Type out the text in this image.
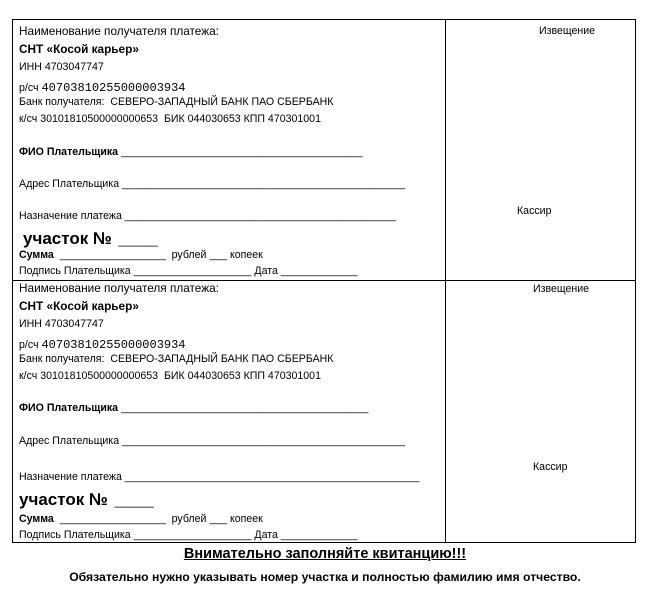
Наименование получателя платежа:
СНТ «Косой карьер»
ИНН 4703047747
р/сч 40703810255000003934
Банк получателя:  СЕВЕРО-ЗАПАДНЫЙ БАНК ПАО СБЕРБАНК
к/сч 30101810500000000653  БИК 044030653 КПП 470301001
ФИО Плательщика _________________________________________
Адрес Плательщика ________________________________________________
Назначение платежа ______________________________________________
участок №  ______
Сумма  __________________  рублей ___ копеек
Подпись Плательщика ____________________ Дата _____________
Извещение
Кассир
Наименование получателя платежа:
СНТ «Косой карьер»
ИНН 4703047747
р/сч 40703810255000003934
Банк получателя:  СЕВЕРО-ЗАПАДНЫЙ БАНК ПАО СБЕРБАНК
к/сч 30101810500000000653  БИК 044030653 КПП 470301001
ФИО Плательщика __________________________________________
Адрес Плательщика ________________________________________________
Назначение платежа __________________________________________________
участок №  ______
Сумма  __________________  рублей ___ копеек
Подпись Плательщика ____________________ Дата _____________
Извещение
Кассир
Внимательно заполняйте квитанцию!!!
Обязательно нужно указывать номер участка и полностью фамилию имя отчество.
